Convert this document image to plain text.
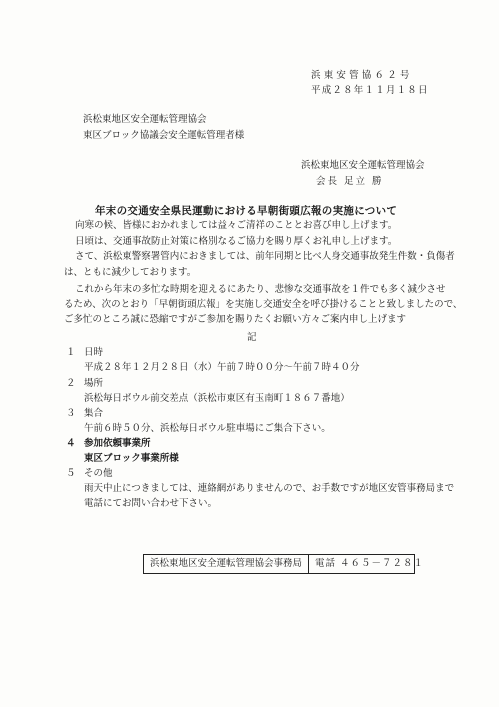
浜東安管協６２号
平成２８年１１月１８日
浜松東地区安全運転管理協会
東区ブロック協議会安全運転管理者様
浜松東地区安全運転管理協会
会長 足立 勝
年末の交通安全県民運動における早朝街頭広報の実施について
向寒の候、皆様におかれましては益々ご清祥のこととお喜び申し上げます。
日頃は、交通事故防止対策に格別なるご協力を賜り厚くお礼申し上げます。
さて、浜松東警察署管内におきましては、前年同期と比べ人身交通事故発生件数・負傷者
は、ともに減少しております。
これから年末の多忙な時期を迎えるにあたり、悲惨な交通事故を１件でも多く減少させ
るため、次のとおり「早朝街頭広報」を実施し交通安全を呼び掛けることと致しましたので、
ご多忙のところ誠に恐縮ですがご参加を賜りたくお願い方々ご案内申し上げます
記
１ 日時
平成２８年１２月２８日（水）午前７時００分～午前７時４０分
２ 場所
浜松毎日ボウル前交差点（浜松市東区有玉南町１８６７番地）
３ 集合
午前６時５０分、浜松毎日ボウル駐車場にご集合下さい。
４ 参加依頼事業所
東区ブロック事業所様
５ その他
雨天中止につきましては、連絡網がありませんので、お手数ですが地区安管事務局まで
電話にてお問い合わせ下さい。
浜松東地区安全運転管理協会事務局	電話 ４６５－７２８１
